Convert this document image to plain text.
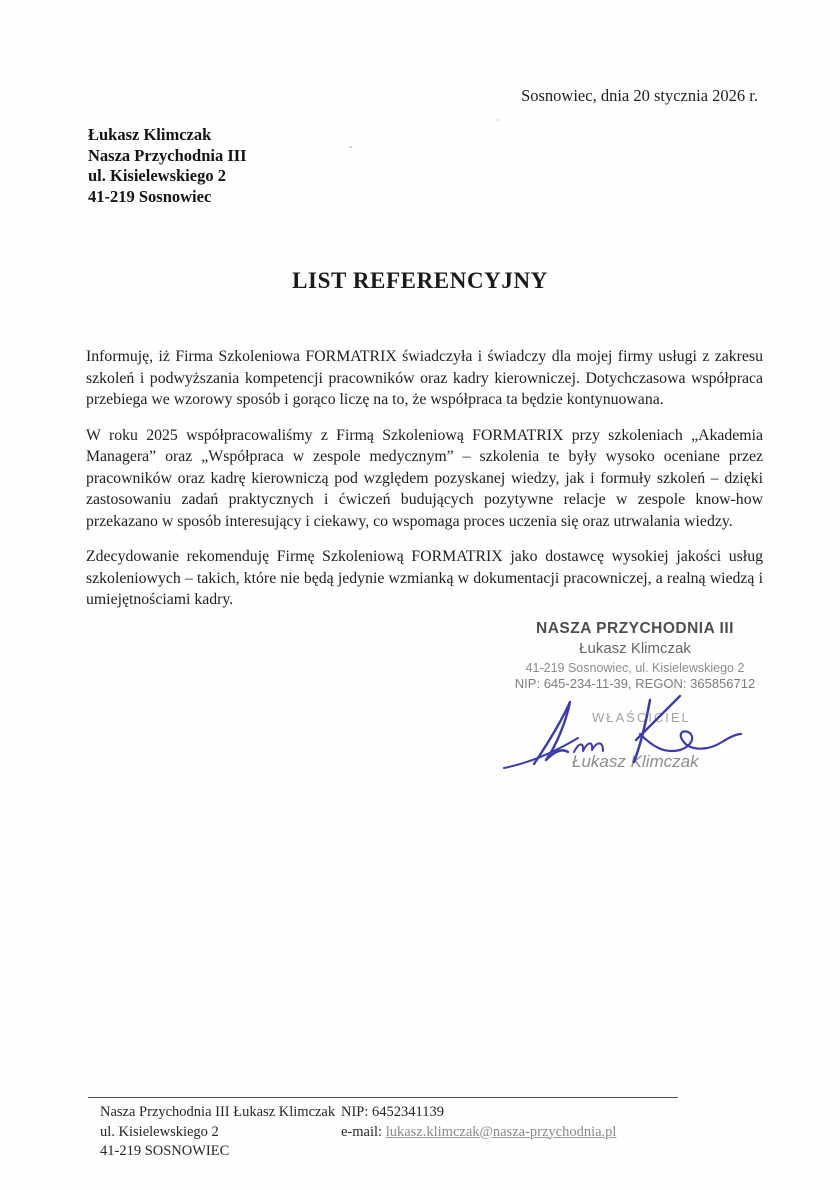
Sosnowiec, dnia 20 stycznia 2026 r.
Łukasz Klimczak
Nasza Przychodnia III
ul. Kisielewskiego 2
41-219 Sosnowiec
LIST REFERENCYJNY

Informuję, iż Firma Szkoleniowa FORMATRIX świadczyła i świadczy dla mojej firmy usługi z zakresu szkoleń i podwyższania kompetencji pracowników oraz kadry kierowniczej. Dotychczasowa współpraca przebiega we wzorowy sposób i gorąco liczę na to, że współpraca ta będzie kontynuowana.

W roku 2025 współpracowaliśmy z Firmą Szkoleniową FORMATRIX przy szkoleniach „Akademia Managera” oraz „Współpraca w zespole medycznym” – szkolenia te były wysoko oceniane przez pracowników oraz kadrę kierowniczą pod względem pozyskanej wiedzy, jak i formuły szkoleń – dzięki zastosowaniu zadań praktycznych i ćwiczeń budujących pozytywne relacje w zespole know-how przekazano w sposób interesujący i ciekawy, co wspomaga proces uczenia się oraz utrwalania wiedzy.

Zdecydowanie rekomenduję Firmę Szkoleniową FORMATRIX jako dostawcę wysokiej jakości usług szkoleniowych – takich, które nie będą jedynie wzmianką w dokumentacji pracowniczej, a realną wiedzą i umiejętnościami kadry.

NASZA PRZYCHODNIA III
Łukasz Klimczak
41-219 Sosnowiec, ul. Kisielewskiego 2
NIP: 645-234-11-39, REGON: 365856712
WŁAŚCICIEL
Łukasz Klimczak
Nasza Przychodnia III Łukasz Klimczak
ul. Kisielewskiego 2
41-219 SOSNOWIEC
NIP: 6452341139
e-mail: lukasz.klimczak@nasza-przychodnia.pl
